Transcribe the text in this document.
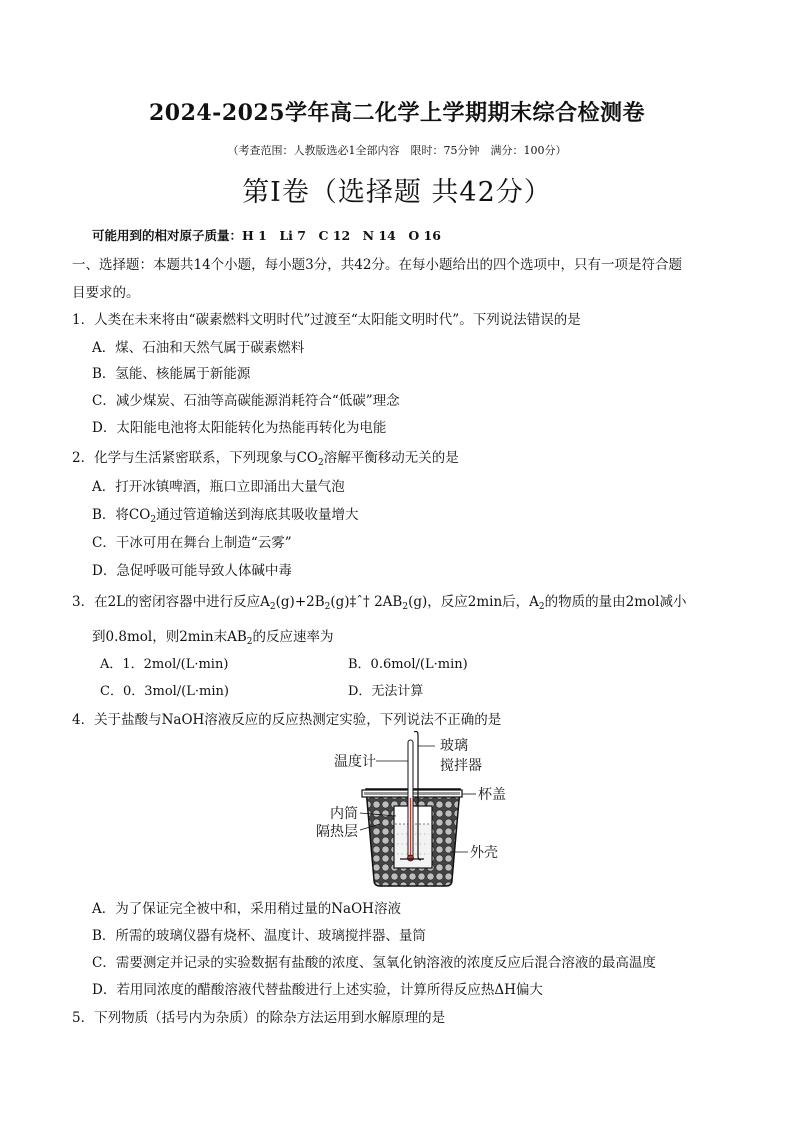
2024-2025学年高二化学上学期期末综合检测卷
（考查范围：人教版选必1全部内容　限时：75分钟　满分：100分）
第Ⅰ卷（选择题 共42分）
可能用到的相对原子质量：H 1　Li 7　C 12　N 14　O 16
一、选择题：本题共14个小题，每小题3分，共42分。在每小题给出的四个选项中，只有一项是符合题
目要求的。
1．人类在未来将由“碳素燃料文明时代”过渡至“太阳能文明时代”。下列说法错误的是
A．煤、石油和天然气属于碳素燃料
B．氢能、核能属于新能源
C．减少煤炭、石油等高碳能源消耗符合“低碳”理念
D．太阳能电池将太阳能转化为热能再转化为电能
2．化学与生活紧密联系，下列现象与$CO_2$溶解平衡移动无关的是
A．打开冰镇啤酒，瓶口立即涌出大量气泡
B．将$CO_2$通过管道输送到海底其吸收量增大
C．干冰可用在舞台上制造“云雾”
D．急促呼吸可能导致人体碱中毒
3．在2L的密闭容器中进行反应$A_2(g)+2B_2(g)\ddagger ˆ\dagger$ $2AB_2(g)$，反应2min后，$A_2$的物质的量由2mol减小
到0.8mol，则2min末$AB_2$的反应速率为
A．1．2mol/(L·min)	B．0.6mol/(L·min)
C．0．3mol/(L·min)	D．无法计算
4．关于盐酸与NaOH溶液反应的反应热测定实验，下列说法不正确的是
温度计
玻璃
搅拌器
杯盖
内筒
隔热层
外壳
A．为了保证完全被中和，采用稍过量的NaOH溶液
B．所需的玻璃仪器有烧杯、温度计、玻璃搅拌器、量筒
C．需要测定并记录的实验数据有盐酸的浓度、氢氧化钠溶液的浓度反应后混合溶液的最高温度
D．若用同浓度的醋酸溶液代替盐酸进行上述实验，计算所得反应热ΔH偏大
5．下列物质（括号内为杂质）的除杂方法运用到水解原理的是
